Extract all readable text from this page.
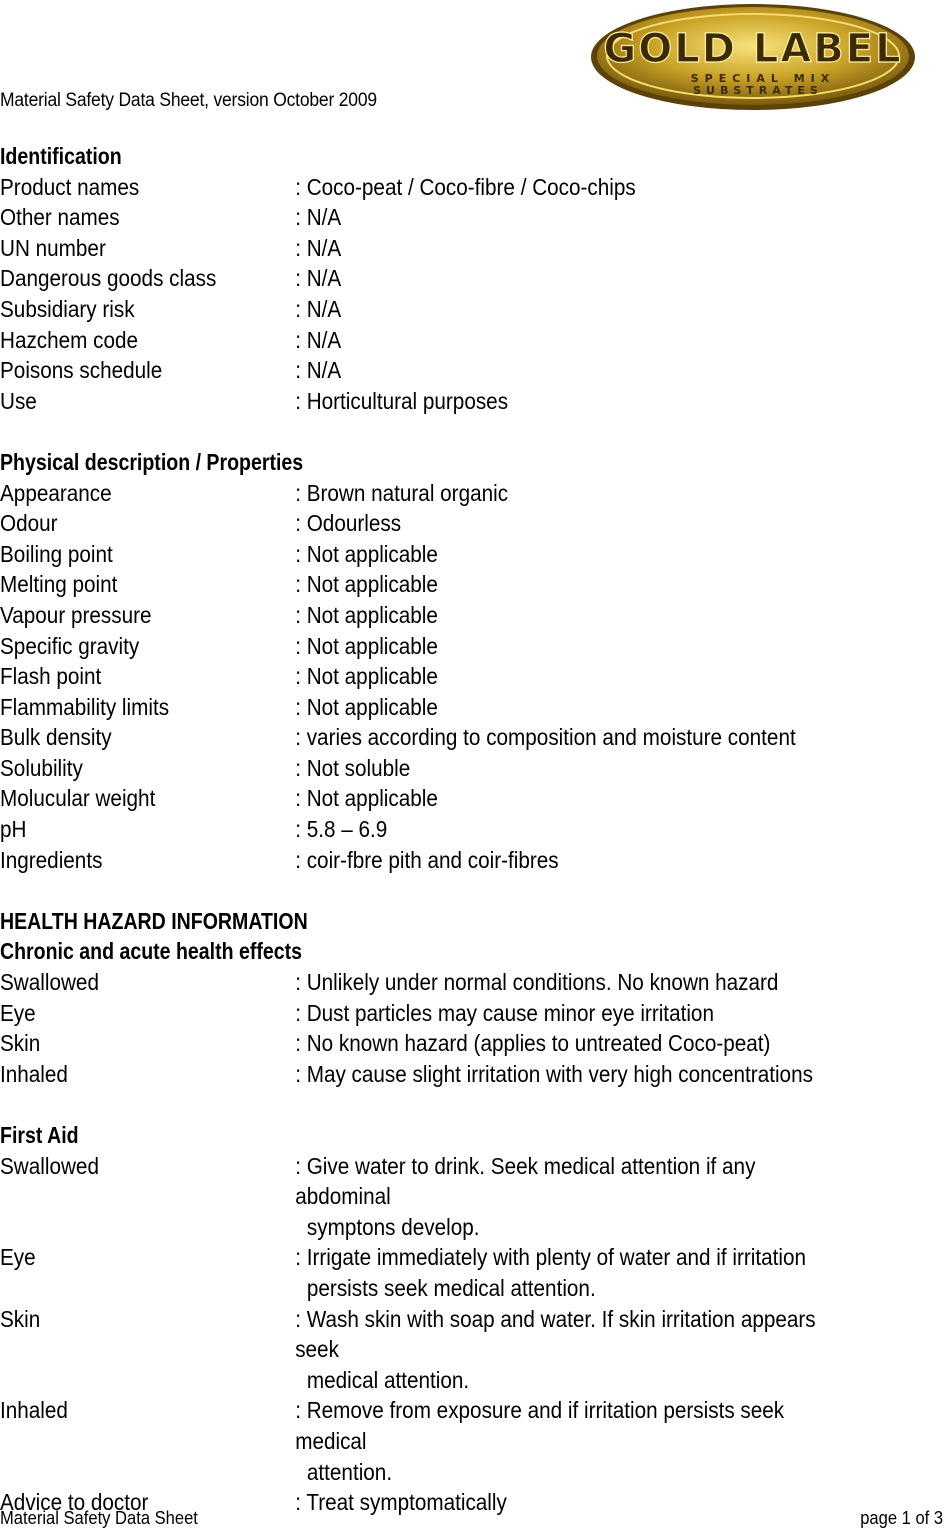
Material Safety Data Sheet, version October 2009
GOLD LABEL
SPECIAL MIX
SUBSTRATES
Identification
Product names	: Coco-peat / Coco-fibre / Coco-chips
Other names	: N/A
UN number	: N/A
Dangerous goods class	: N/A
Subsidiary risk	: N/A
Hazchem code	: N/A
Poisons schedule	: N/A
Use	: Horticultural purposes
Physical description / Properties
Appearance	: Brown natural organic
Odour	: Odourless
Boiling point	: Not applicable
Melting point	: Not applicable
Vapour pressure	: Not applicable
Specific gravity	: Not applicable
Flash point	: Not applicable
Flammability limits	: Not applicable
Bulk density	: varies according to composition and moisture content
Solubility	: Not soluble
Molucular weight	: Not applicable
pH	: 5.8 – 6.9
Ingredients	: coir-fbre pith and coir-fibres
HEALTH HAZARD INFORMATION
Chronic and acute health effects
Swallowed	: Unlikely under normal conditions. No known hazard
Eye	: Dust particles may cause minor eye irritation
Skin	: No known hazard (applies to untreated Coco-peat)
Inhaled	: May cause slight irritation with very high concentrations
First Aid
Swallowed	: Give water to drink. Seek medical attention if any abdominal
symptons develop.
Eye	: Irrigate immediately with plenty of water and if irritation
persists seek medical attention.
Skin	: Wash skin with soap and water. If skin irritation appears seek
medical attention.
Inhaled	: Remove from exposure and if irritation persists seek medical
attention.
Advice to doctor	: Treat symptomatically
Material Safety Data Sheet	page 1 of 3
